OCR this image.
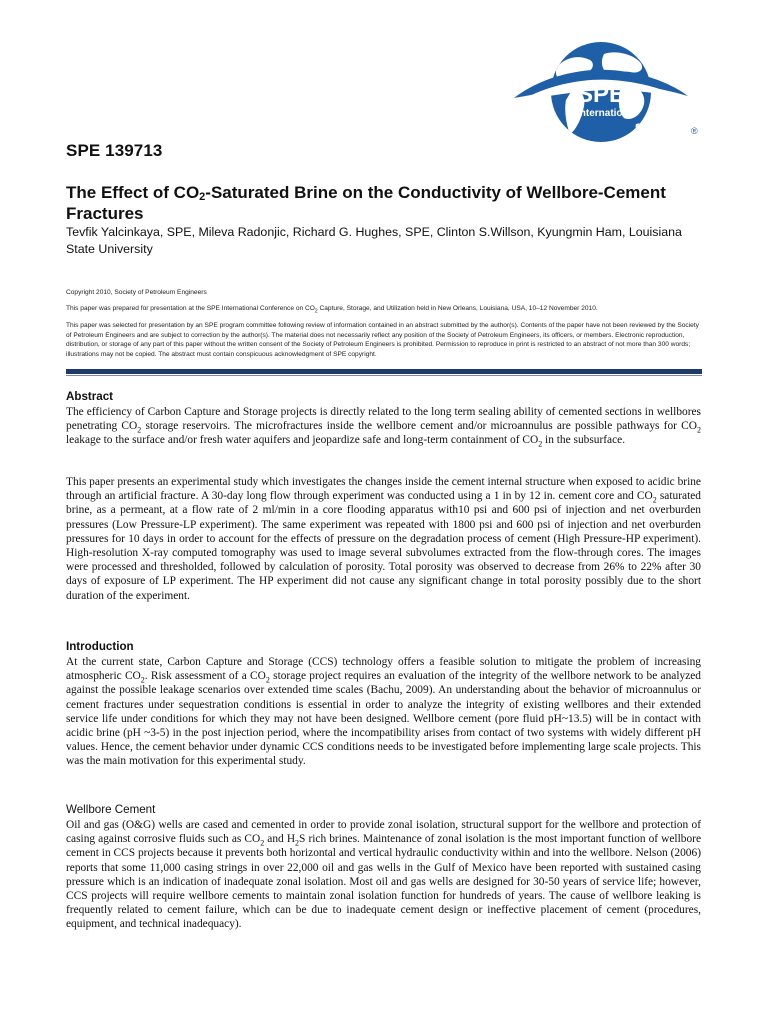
SPE
International
®
SPE 139713
The Effect of $CO_2$-Saturated Brine on the Conductivity of Wellbore-Cement Fractures

Tevfik Yalcinkaya, SPE, Mileva Radonjic, Richard G. Hughes, SPE, Clinton S.Willson, Kyungmin Ham, Louisiana State University

Copyright 2010, Society of Petroleum Engineers

This paper was prepared for presentation at the SPE International Conference on $CO_2$ Capture, Storage, and Utilization held in New Orleans, Louisiana, USA, 10–12 November 2010.

This paper was selected for presentation by an SPE program committee following review of information contained in an abstract submitted by the author(s). Contents of the paper have not been reviewed by the Society of Petroleum Engineers and are subject to correction by the author(s). The material does not necessarily reflect any position of the Society of Petroleum Engineers, its officers, or members. Electronic reproduction, distribution, or storage of any part of this paper without the written consent of the Society of Petroleum Engineers is prohibited. Permission to reproduce in print is restricted to an abstract of not more than 300 words; illustrations may not be copied. The abstract must contain conspicuous acknowledgment of SPE copyright.

Abstract

The efficiency of Carbon Capture and Storage projects is directly related to the long term sealing ability of cemented sections in wellbores penetrating $CO_2$ storage reservoirs. The microfractures inside the wellbore cement and/or microannulus are possible pathways for $CO_2$ leakage to the surface and/or fresh water aquifers and jeopardize safe and long-term containment of $CO_2$ in the subsurface.

This paper presents an experimental study which investigates the changes inside the cement internal structure when exposed to acidic brine through an artificial fracture. A 30-day long flow through experiment was conducted using a 1 in by 12 in. cement core and $CO_2$ saturated brine, as a permeant, at a flow rate of 2 ml/min in a core flooding apparatus with10 psi and 600 psi of injection and net overburden pressures (Low Pressure-LP experiment). The same experiment was repeated with 1800 psi and 600 psi of injection and net overburden pressures for 10 days in order to account for the effects of pressure on the degradation process of cement (High Pressure-HP experiment). High-resolution X-ray computed tomography was used to image several subvolumes extracted from the flow-through cores. The images were processed and thresholded, followed by calculation of porosity. Total porosity was observed to decrease from 26% to 22% after 30 days of exposure of LP experiment. The HP experiment did not cause any significant change in total porosity possibly due to the short duration of the experiment.

Introduction

At the current state, Carbon Capture and Storage (CCS) technology offers a feasible solution to mitigate the problem of increasing atmospheric $CO_2$. Risk assessment of a $CO_2$ storage project requires an evaluation of the integrity of the wellbore network to be analyzed against the possible leakage scenarios over extended time scales (Bachu, 2009). An understanding about the behavior of microannulus or cement fractures under sequestration conditions is essential in order to analyze the integrity of existing wellbores and their extended service life under conditions for which they may not have been designed. Wellbore cement (pore fluid pH~13.5) will be in contact with acidic brine (pH ~3-5) in the post injection period, where the incompatibility arises from contact of two systems with widely different pH values. Hence, the cement behavior under dynamic CCS conditions needs to be investigated before implementing large scale projects. This was the main motivation for this experimental study.

Wellbore Cement

Oil and gas (O&G) wells are cased and cemented in order to provide zonal isolation, structural support for the wellbore and protection of casing against corrosive fluids such as $CO_2$ and $H_2S$ rich brines. Maintenance of zonal isolation is the most important function of wellbore cement in CCS projects because it prevents both horizontal and vertical hydraulic conductivity within and into the wellbore. Nelson (2006) reports that some 11,000 casing strings in over 22,000 oil and gas wells in the Gulf of Mexico have been reported with sustained casing pressure which is an indication of inadequate zonal isolation. Most oil and gas wells are designed for 30-50 years of service life; however, CCS projects will require wellbore cements to maintain zonal isolation function for hundreds of years. The cause of wellbore leaking is frequently related to cement failure, which can be due to inadequate cement design or ineffective placement of cement (procedures, equipment, and technical inadequacy).
